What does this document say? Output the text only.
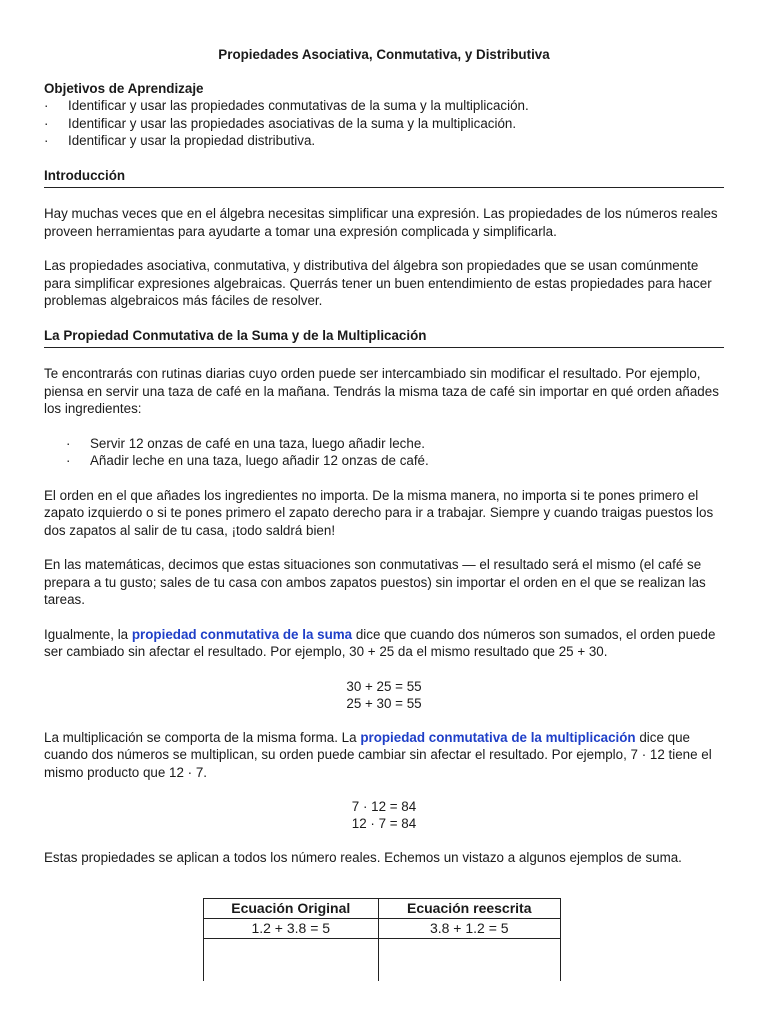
Propiedades Asociativa, Conmutativa, y Distributiva
Objetivos de Aprendizaje
· Identificar y usar las propiedades conmutativas de la suma y la multiplicación.
· Identificar y usar las propiedades asociativas de la suma y la multiplicación.
· Identificar y usar la propiedad distributiva.
Introducción

Hay muchas veces que en el álgebra necesitas simplificar una expresión. Las propiedades de los números reales proveen herramientas para ayudarte a tomar una expresión complicada y simplificarla.

Las propiedades asociativa, conmutativa, y distributiva del álgebra son propiedades que se usan comúnmente para simplificar expresiones algebraicas. Querrás tener un buen entendimiento de estas propiedades para hacer problemas algebraicos más fáciles de resolver.

La Propiedad Conmutativa de la Suma y de la Multiplicación

Te encontrarás con rutinas diarias cuyo orden puede ser intercambiado sin modificar el resultado. Por ejemplo, piensa en servir una taza de café en la mañana. Tendrás la misma taza de café sin importar en qué orden añades los ingredientes:

· Servir 12 onzas de café en una taza, luego añadir leche.
· Añadir leche en una taza, luego añadir 12 onzas de café.

El orden en el que añades los ingredientes no importa. De la misma manera, no importa si te pones primero el zapato izquierdo o si te pones primero el zapato derecho para ir a trabajar. Siempre y cuando traigas puestos los dos zapatos al salir de tu casa, ¡todo saldrá bien!

En las matemáticas, decimos que estas situaciones son conmutativas — el resultado será el mismo (el café se prepara a tu gusto; sales de tu casa con ambos zapatos puestos) sin importar el orden en el que se realizan las tareas.

Igualmente, la propiedad conmutativa de la suma dice que cuando dos números son sumados, el orden puede ser cambiado sin afectar el resultado. Por ejemplo, 30 + 25 da el mismo resultado que 25 + 30.

30 + 25 = 55
25 + 30 = 55

La multiplicación se comporta de la misma forma. La propiedad conmutativa de la multiplicación dice que cuando dos números se multiplican, su orden puede cambiar sin afectar el resultado. Por ejemplo, 7 · 12 tiene el mismo producto que 12 · 7.

7 · 12 = 84
12 · 7 = 84

Estas propiedades se aplican a todos los número reales. Echemos un vistazo a algunos ejemplos de suma.

Ecuación Original	Ecuación reescrita
1.2 + 3.8 = 5	3.8 + 1.2 = 5
